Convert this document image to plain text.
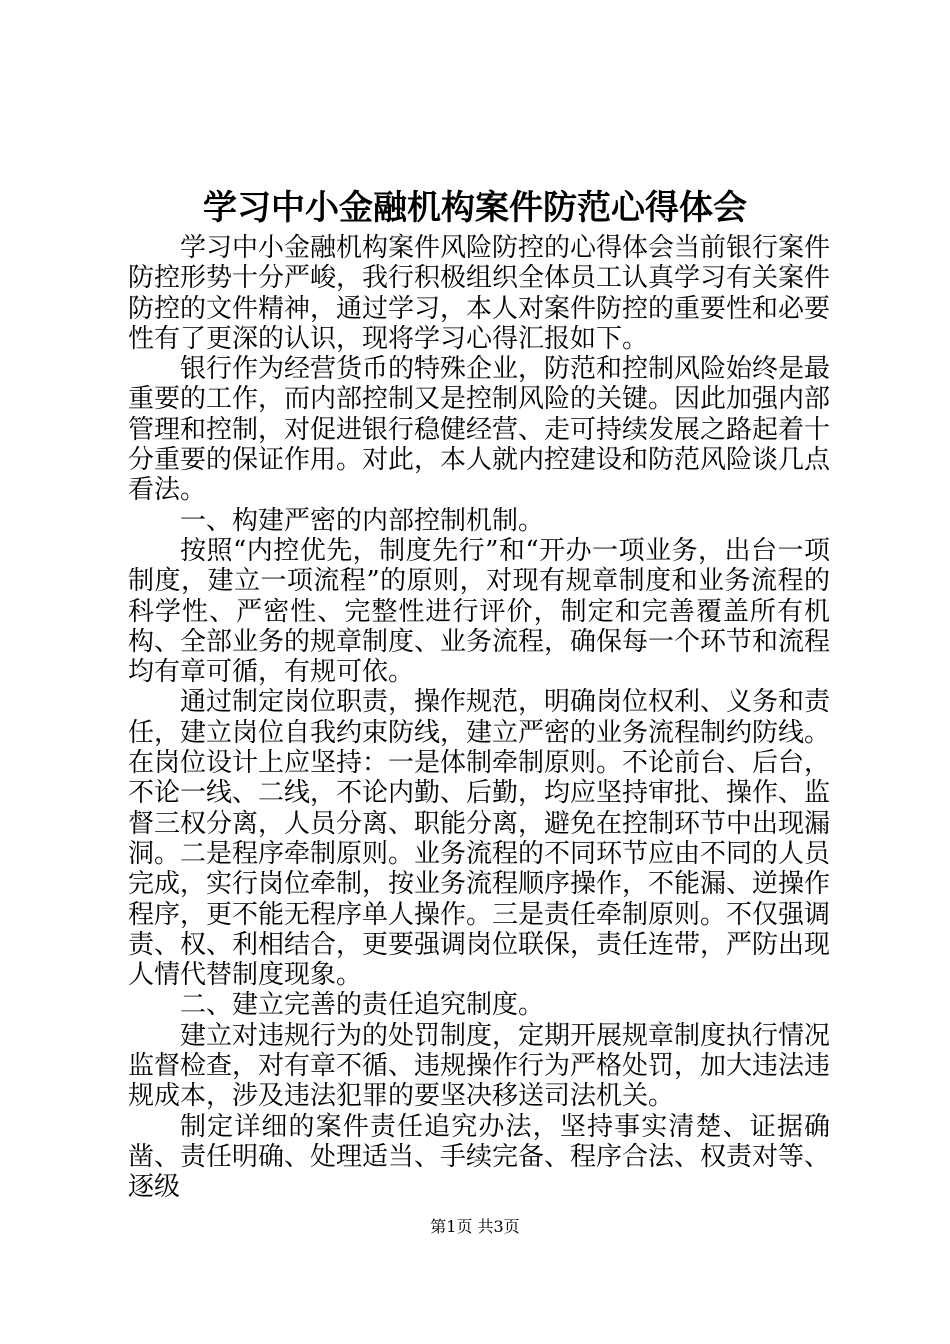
学习中小金融机构案件防范心得体会

学习中小金融机构案件风险防控的心得体会当前银行案件防控形势十分严峻，我行积极组织全体员工认真学习有关案件防控的文件精神，通过学习，本人对案件防控的重要性和必要性有了更深的认识，现将学习心得汇报如下。

银行作为经营货币的特殊企业，防范和控制风险始终是最重要的工作，而内部控制又是控制风险的关键。因此加强内部管理和控制，对促进银行稳健经营、走可持续发展之路起着十分重要的保证作用。对此，本人就内控建设和防范风险谈几点看法。

一、构建严密的内部控制机制。

按照“内控优先，制度先行”和“开办一项业务，出台一项制度，建立一项流程”的原则，对现有规章制度和业务流程的科学性、严密性、完整性进行评价，制定和完善覆盖所有机构、全部业务的规章制度、业务流程，确保每一个环节和流程均有章可循，有规可依。

通过制定岗位职责，操作规范，明确岗位权利、义务和责任，建立岗位自我约束防线，建立严密的业务流程制约防线。在岗位设计上应坚持：一是体制牵制原则。不论前台、后台，不论一线、二线，不论内勤、后勤，均应坚持审批、操作、监督三权分离，人员分离、职能分离，避免在控制环节中出现漏洞。二是程序牵制原则。业务流程的不同环节应由不同的人员完成，实行岗位牵制，按业务流程顺序操作，不能漏、逆操作程序，更不能无程序单人操作。三是责任牵制原则。不仅强调责、权、利相结合，更要强调岗位联保，责任连带，严防出现人情代替制度现象。

二、建立完善的责任追究制度。

建立对违规行为的处罚制度，定期开展规章制度执行情况监督检查，对有章不循、违规操作行为严格处罚，加大违法违规成本，涉及违法犯罪的要坚决移送司法机关。

制定详细的案件责任追究办法，坚持事实清楚、证据确凿、责任明确、处理适当、手续完备、程序合法、权责对等、逐级

第1页 共3页
